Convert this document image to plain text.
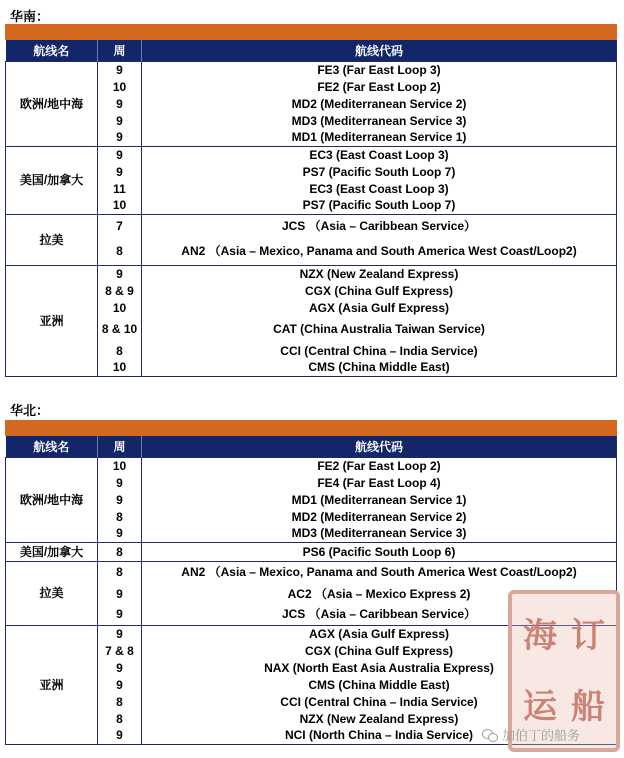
华南：
航线名	周	航线代码
欧洲/地中海	9	FE3 (Far East Loop 3)
	10	FE2 (Far East Loop 2)
	9	MD2 (Mediterranean Service 2)
	9	MD3 (Mediterranean Service 3)
	9	MD1 (Mediterranean Service 1)
美国/加拿大	9	EC3 (East Coast Loop 3)
	9	PS7 (Pacific South Loop 7)
	11	EC3 (East Coast Loop 3)
	10	PS7 (Pacific South Loop 7)
拉美	7	JCS （Asia – Caribbean Service）
	8	AN2 （Asia – Mexico, Panama and South America West Coast/Loop2)
亚洲	9	NZX (New Zealand Express)
	8 & 9	CGX (China Gulf Express)
	10	AGX (Asia Gulf Express)
	8 & 10	CAT (China Australia Taiwan Service)
	8	CCI (Central China – India Service)
	10	CMS (China Middle East)
华北：
航线名	周	航线代码
欧洲/地中海	10	FE2 (Far East Loop 2)
	9	FE4 (Far East Loop 4)
	9	MD1 (Mediterranean Service 1)
	8	MD2 (Mediterranean Service 2)
	9	MD3 (Mediterranean Service 3)
美国/加拿大	8	PS6 (Pacific South Loop 6)
拉美	8	AN2 （Asia – Mexico, Panama and South America West Coast/Loop2)
	9	AC2 （Asia – Mexico Express 2)
	9	JCS （Asia – Caribbean Service）
亚洲	9	AGX (Asia Gulf Express)
	7 & 8	CGX (China Gulf Express)
	9	NAX (North East Asia Australia Express)
	9	CMS (China Middle East)
	8	CCI (Central China – India Service)
	8	NZX (New Zealand Express)
	9	NCI (North China – India Service)
海 订
运 船
加伯丁的船务
